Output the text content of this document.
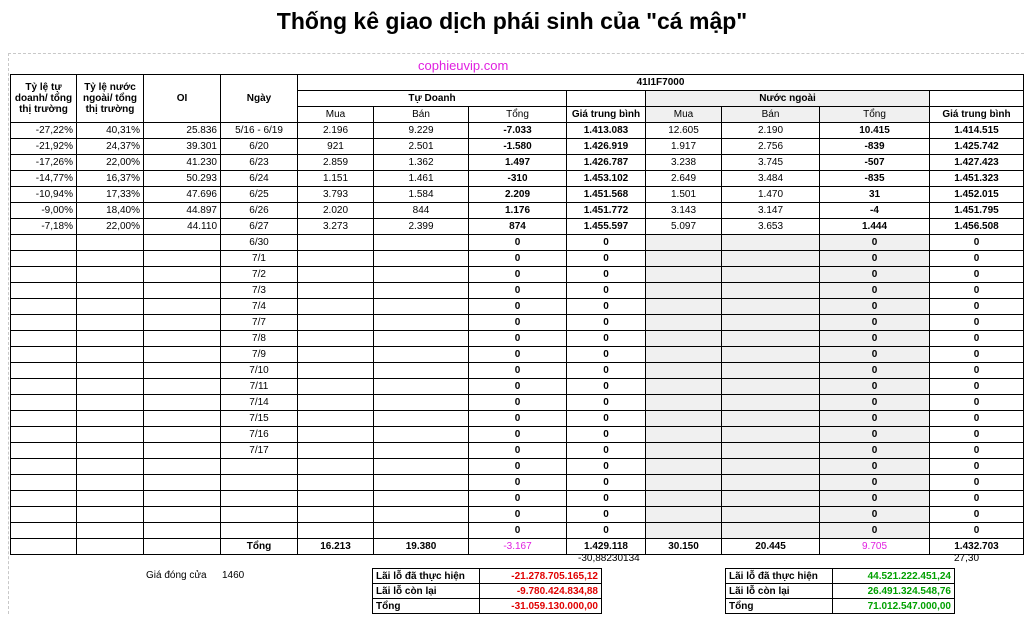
Thống kê giao dịch phái sinh của "cá mập"
cophieuvip.com
Tỷ lệ tự doanh/ tổng thị trường	Tỷ lệ nước ngoài/ tổng thị trường	OI	Ngày	41I1F7000							
				Tự Doanh				Nước ngoài			
				Mua	Bán	Tổng	Giá trung bình	Mua	Bán	Tổng	Giá trung bình
-27,22%	40,31%	25.836	5/16 - 6/19	2.196	9.229	-7.033	1.413.083	12.605	2.190	10.415	1.414.515
-21,92%	24,37%	39.301	6/20	921	2.501	-1.580	1.426.919	1.917	2.756	-839	1.425.742
-17,26%	22,00%	41.230	6/23	2.859	1.362	1.497	1.426.787	3.238	3.745	-507	1.427.423
-14,77%	16,37%	50.293	6/24	1.151	1.461	-310	1.453.102	2.649	3.484	-835	1.451.323
-10,94%	17,33%	47.696	6/25	3.793	1.584	2.209	1.451.568	1.501	1.470	31	1.452.015
-9,00%	18,40%	44.897	6/26	2.020	844	1.176	1.451.772	3.143	3.147	-4	1.451.795
-7,18%	22,00%	44.110	6/27	3.273	2.399	874	1.455.597	5.097	3.653	1.444	1.456.508
			6/30			0	0			0	0
			7/1			0	0			0	0
			7/2			0	0			0	0
			7/3			0	0			0	0
			7/4			0	0			0	0
			7/7			0	0			0	0
			7/8			0	0			0	0
			7/9			0	0			0	0
			7/10			0	0			0	0
			7/11			0	0			0	0
			7/14			0	0			0	0
			7/15			0	0			0	0
			7/16			0	0			0	0
			7/17			0	0			0	0
						0	0			0	0
						0	0			0	0
						0	0			0	0
						0	0			0	0
						0	0			0	0
			Tổng	16.213	19.380	-3.167	1.429.118	30.150	20.445	9.705	1.432.703
-30,88230134	27,30
Giá đóng cửa 1460	Lãi lỗ đã thực hiện	-21.278.705.165,12
Lãi lỗ còn lại	-9.780.424.834,88
Tổng	-31.059.130.000,00
Lãi lỗ đã thực hiện	44.521.222.451,24
Lãi lỗ còn lại	26.491.324.548,76
Tổng	71.012.547.000,00
